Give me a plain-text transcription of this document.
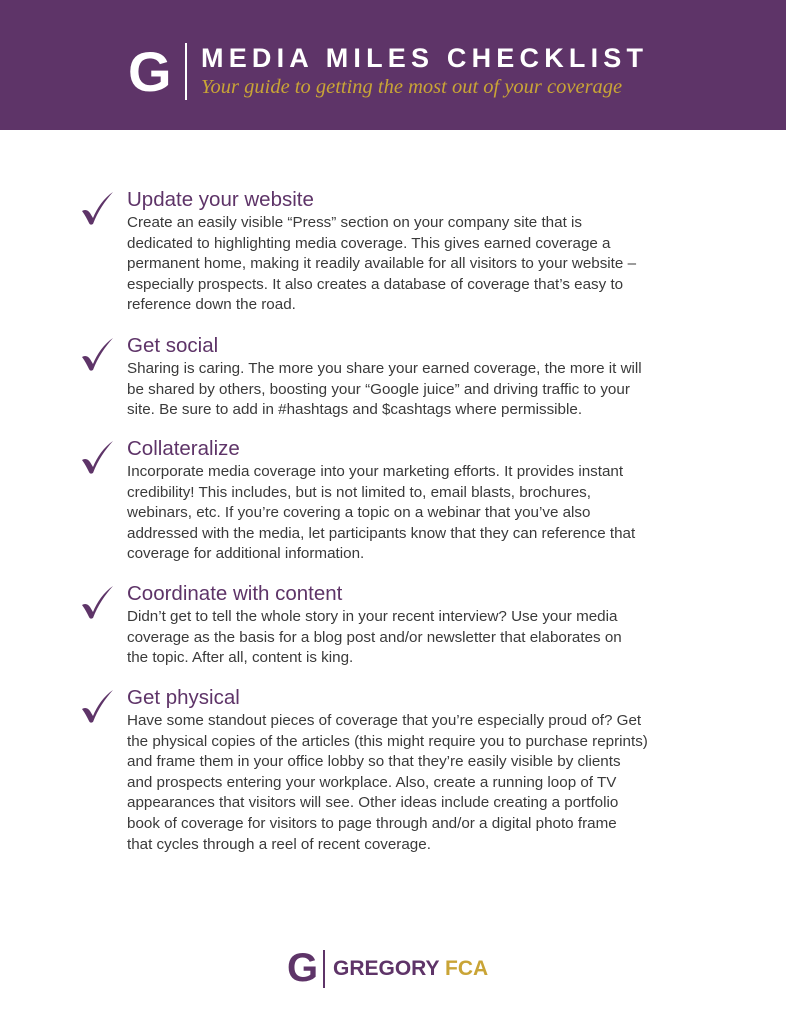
G MEDIA MILES CHECKLIST
Your guide to getting the most out of your coverage
Update your website
Create an easily visible “Press” section on your company site that is
dedicated to highlighting media coverage. This gives earned coverage a
permanent home, making it readily available for all visitors to your website –
especially prospects. It also creates a database of coverage that’s easy to
reference down the road.
Get social
Sharing is caring. The more you share your earned coverage, the more it will
be shared by others, boosting your “Google juice” and driving traffic to your
site. Be sure to add in #hashtags and $cashtags where permissible.
Collateralize
Incorporate media coverage into your marketing efforts. It provides instant
credibility! This includes, but is not limited to, email blasts, brochures,
webinars, etc. If you’re covering a topic on a webinar that you’ve also
addressed with the media, let participants know that they can reference that
coverage for additional information.
Coordinate with content
Didn’t get to tell the whole story in your recent interview? Use your media
coverage as the basis for a blog post and/or newsletter that elaborates on
the topic. After all, content is king.
Get physical
Have some standout pieces of coverage that you’re especially proud of? Get
the physical copies of the articles (this might require you to purchase reprints)
and frame them in your office lobby so that they’re easily visible by clients
and prospects entering your workplace. Also, create a running loop of TV
appearances that visitors will see. Other ideas include creating a portfolio
book of coverage for visitors to page through and/or a digital photo frame
that cycles through a reel of recent coverage.
G GREGORY FCA
